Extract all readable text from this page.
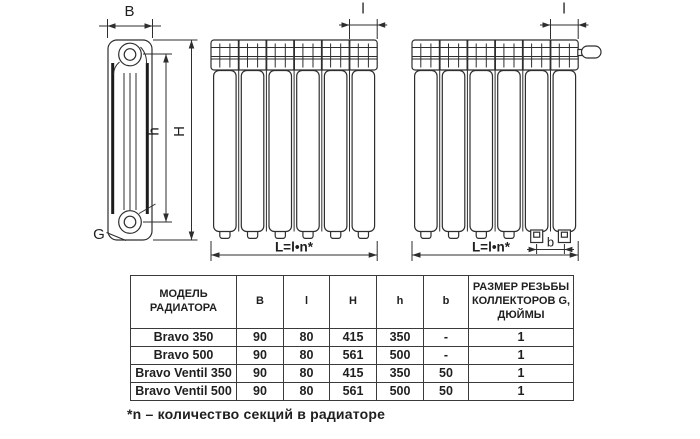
B
H
h
G
l
L=l•n*
l
L=l•n*	b
МОДЕЛЬ РАДИАТОРА	B	l	H	h	b	РАЗМЕР РЕЗЬБЫ КОЛЛЕКТОРОВ G, ДЮЙМЫ
Bravo 350	90	80	415	350	-	1
Bravo 500	90	80	561	500	-	1
Bravo Ventil 350	90	80	415	350	50	1
Bravo Ventil 500	90	80	561	500	50	1
*n – количество секций в радиаторе
